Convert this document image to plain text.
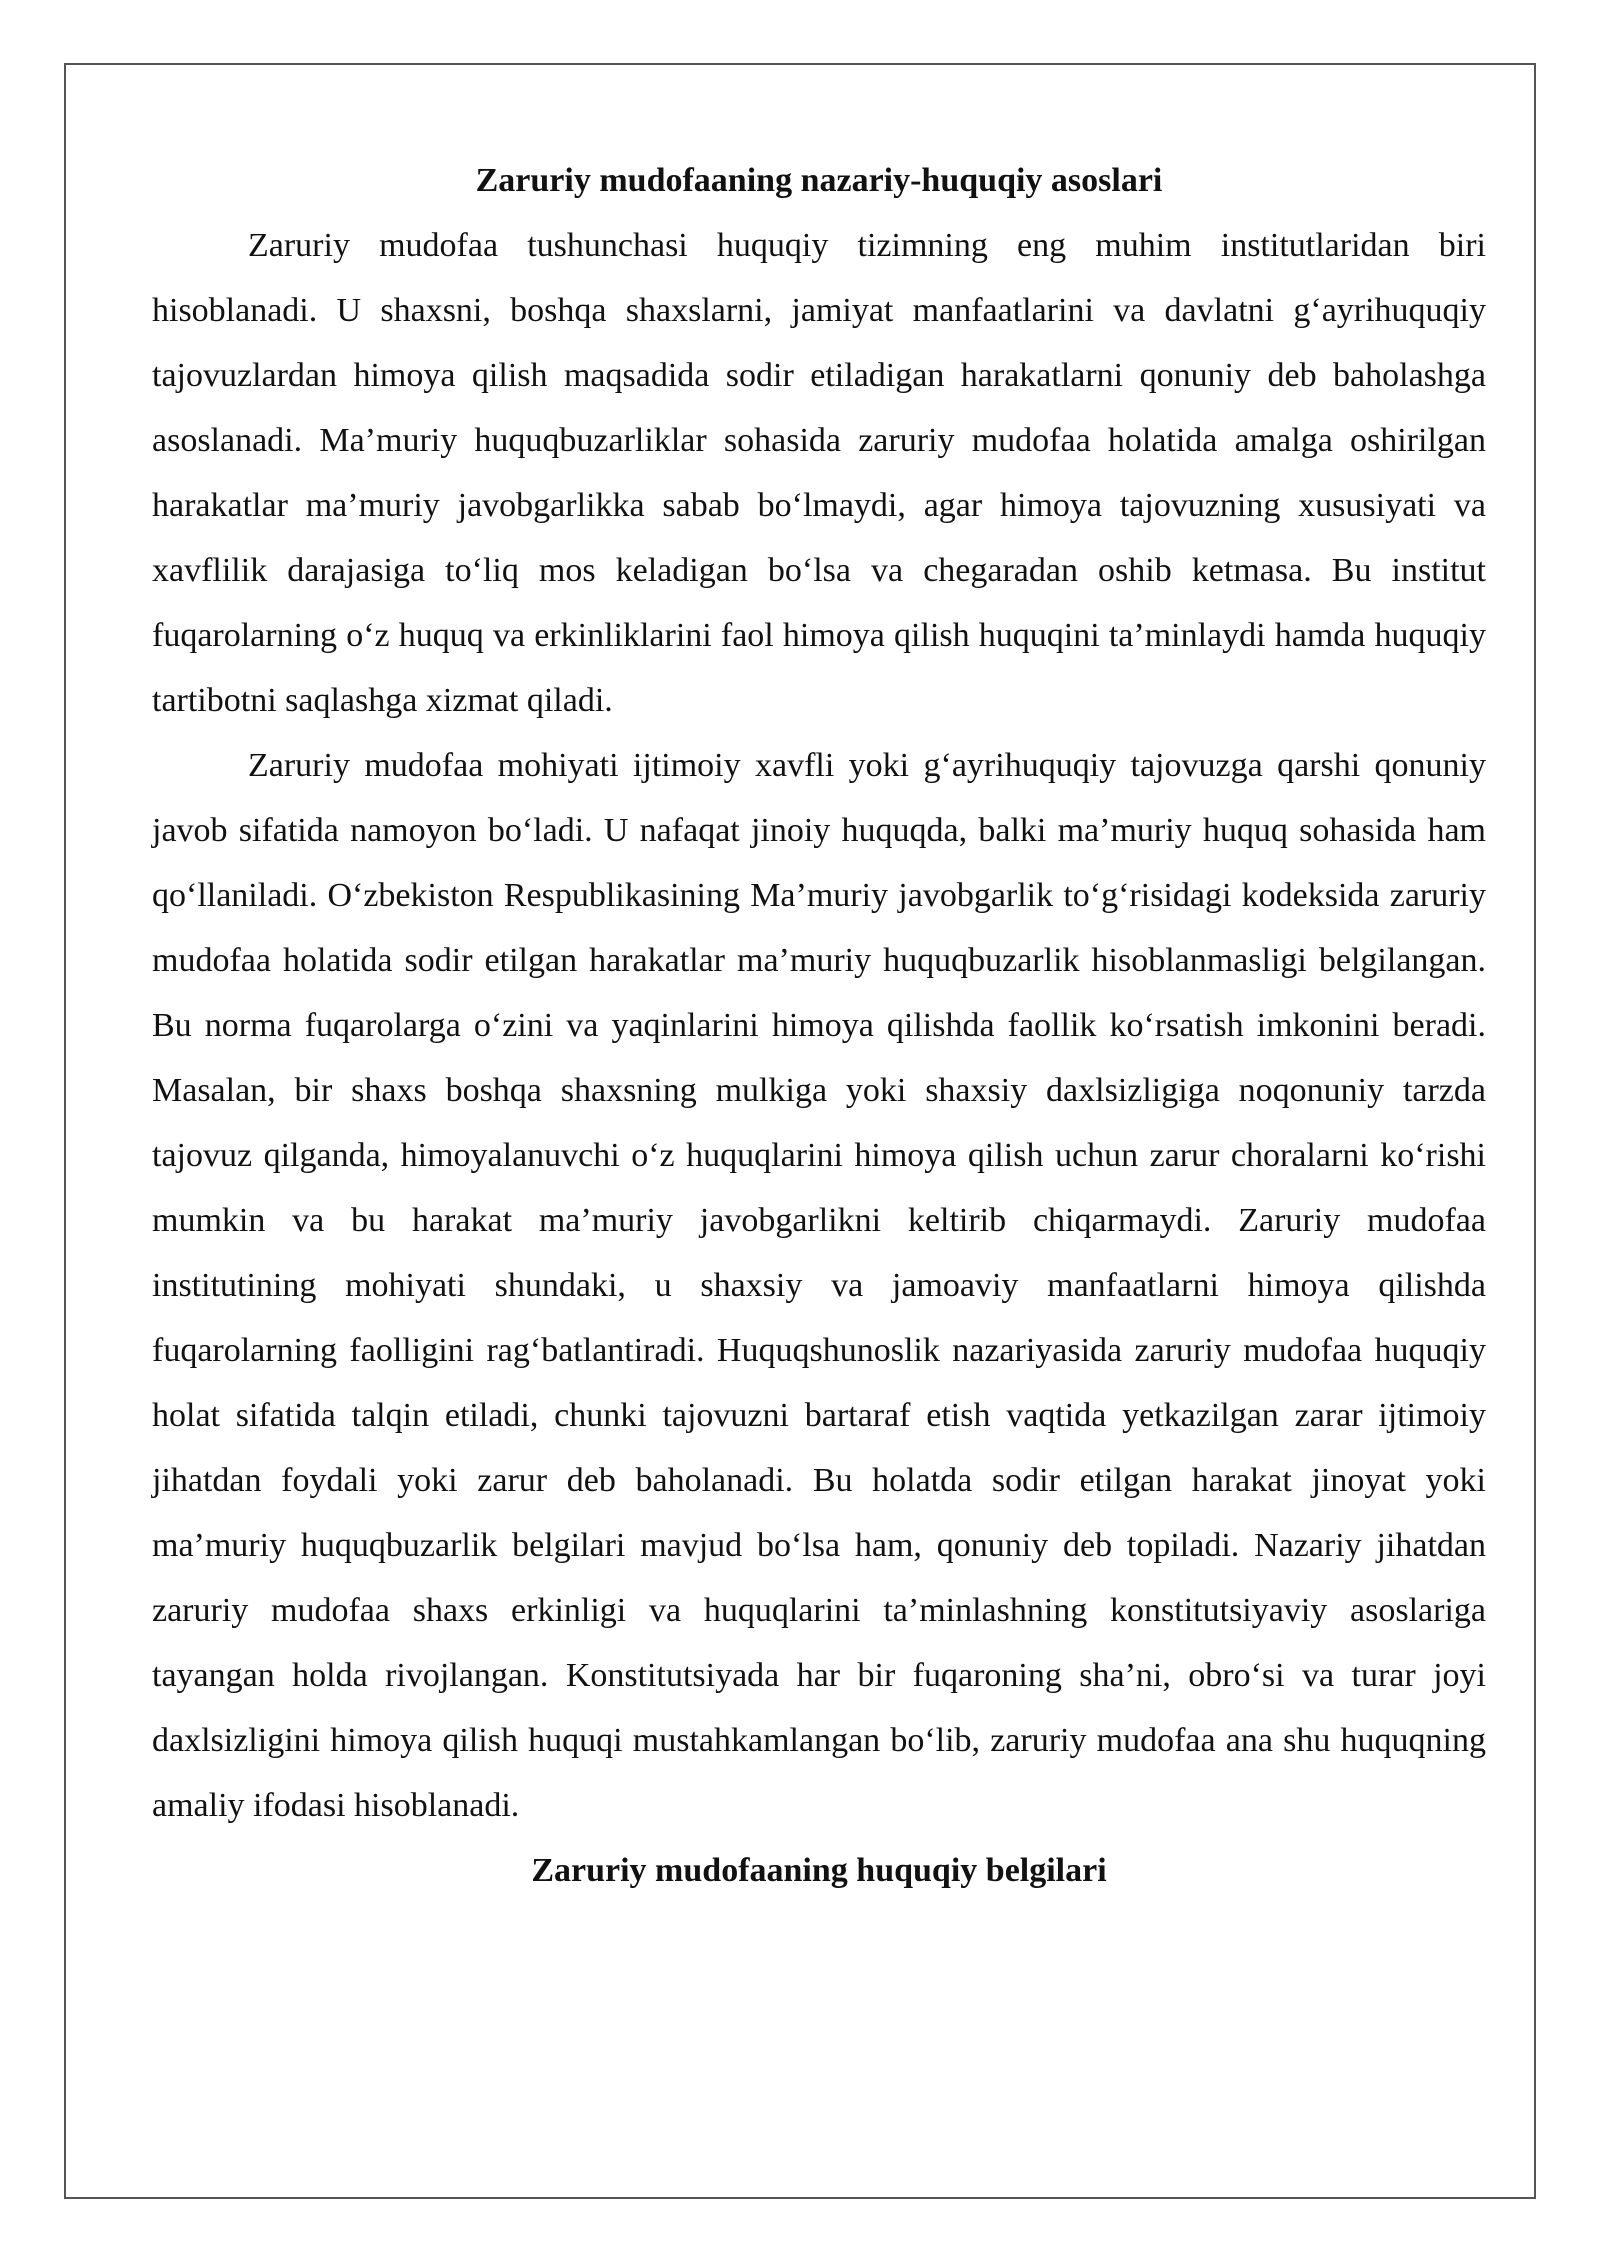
Zaruriy mudofaaning nazariy-huquqiy asoslari

Zaruriy mudofaa tushunchasi huquqiy tizimning eng muhim institutlaridan biri hisoblanadi. U shaxsni, boshqa shaxslarni, jamiyat manfaatlarini va davlatni g‘ayrihuquqiy tajovuzlardan himoya qilish maqsadida sodir etiladigan harakatlarni qonuniy deb baholashga asoslanadi. Ma’muriy huquqbuzarliklar sohasida zaruriy mudofaa holatida amalga oshirilgan harakatlar ma’muriy javobgarlikka sabab bo‘lmaydi, agar himoya tajovuzning xususiyati va xavflilik darajasiga to‘liq mos keladigan bo‘lsa va chegaradan oshib ketmasa. Bu institut fuqarolarning o‘z huquq va erkinliklarini faol himoya qilish huquqini ta’minlaydi hamda huquqiy tartibotni saqlashga xizmat qiladi.

Zaruriy mudofaa mohiyati ijtimoiy xavfli yoki g‘ayrihuquqiy tajovuzga qarshi qonuniy javob sifatida namoyon bo‘ladi. U nafaqat jinoiy huquqda, balki ma’muriy huquq sohasida ham qo‘llaniladi. O‘zbekiston Respublikasining Ma’muriy javobgarlik to‘g‘risidagi kodeksida zaruriy mudofaa holatida sodir etilgan harakatlar ma’muriy huquqbuzarlik hisoblanmasligi belgilangan. Bu norma fuqarolarga o‘zini va yaqinlarini himoya qilishda faollik ko‘rsatish imkonini beradi. Masalan, bir shaxs boshqa shaxsning mulkiga yoki shaxsiy daxlsizligiga noqonuniy tarzda tajovuz qilganda, himoyalanuvchi o‘z huquqlarini himoya qilish uchun zarur choralarni ko‘rishi mumkin va bu harakat ma’muriy javobgarlikni keltirib chiqarmaydi. Zaruriy mudofaa institutining mohiyati shundaki, u shaxsiy va jamoaviy manfaatlarni himoya qilishda fuqarolarning faolligini rag‘batlantiradi. Huquqshunoslik nazariyasida zaruriy mudofaa huquqiy holat sifatida talqin etiladi, chunki tajovuzni bartaraf etish vaqtida yetkazilgan zarar ijtimoiy jihatdan foydali yoki zarur deb baholanadi. Bu holatda sodir etilgan harakat jinoyat yoki ma’muriy huquqbuzarlik belgilari mavjud bo‘lsa ham, qonuniy deb topiladi. Nazariy jihatdan zaruriy mudofaa shaxs erkinligi va huquqlarini ta’minlashning konstitutsiyaviy asoslariga tayangan holda rivojlangan. Konstitutsiyada har bir fuqaroning sha’ni, obro‘si va turar joyi daxlsizligini himoya qilish huquqi mustahkamlangan bo‘lib, zaruriy mudofaa ana shu huquqning amaliy ifodasi hisoblanadi.

Zaruriy mudofaaning huquqiy belgilari
